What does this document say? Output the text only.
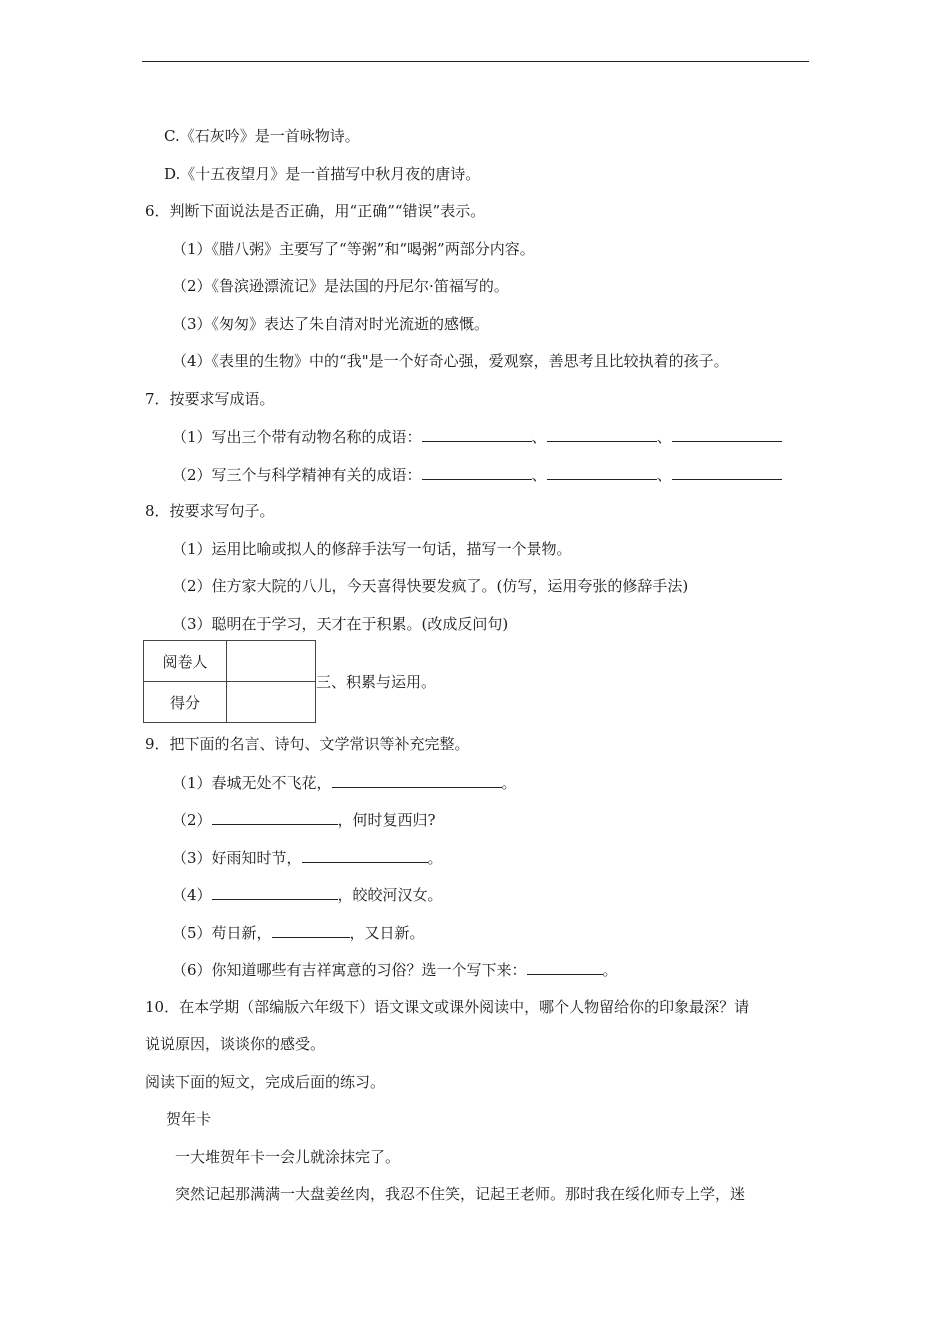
C.《石灰吟》是一首咏物诗。
D.《十五夜望月》是一首描写中秋月夜的唐诗。
6．判断下面说法是否正确，用“正确”“错误”表示。
（1）《腊八粥》主要写了“等粥”和“喝粥”两部分内容。
（2）《鲁滨逊漂流记》是法国的丹尼尔·笛福写的。
（3）《匆匆》表达了朱自清对时光流逝的感慨。
（4）《表里的生物》中的“我"是一个好奇心强，爱观察，善思考且比较执着的孩子。
7．按要求写成语。
（1）写出三个带有动物名称的成语：	、	、
（2）写三个与科学精神有关的成语：	、	、
8．按要求写句子。
（1）运用比喻或拟人的修辞手法写一句话，描写一个景物。
（2）住方家大院的八儿，今天喜得快要发疯了。(仿写，运用夸张的修辞手法)
（3）聪明在于学习，天才在于积累。(改成反问句)
阅卷人	
得分	
三、积累与运用。
9．把下面的名言、诗句、文学常识等补充完整。
（1）春城无处不飞花，	。
（2）	，何时复西归?
（3）好雨知时节，	。
（4）	，皎皎河汉女。
（5）苟日新，	，又日新。
（6）你知道哪些有吉祥寓意的习俗？选一个写下来：	。
10．在本学期（部编版六年级下）语文课文或课外阅读中，哪个人物留给你的印象最深？请
说说原因，谈谈你的感受。
阅读下面的短文，完成后面的练习。
贺年卡
一大堆贺年卡一会儿就涂抹完了。
突然记起那满满一大盘姜丝肉，我忍不住笑，记起王老师。那时我在绥化师专上学，迷
